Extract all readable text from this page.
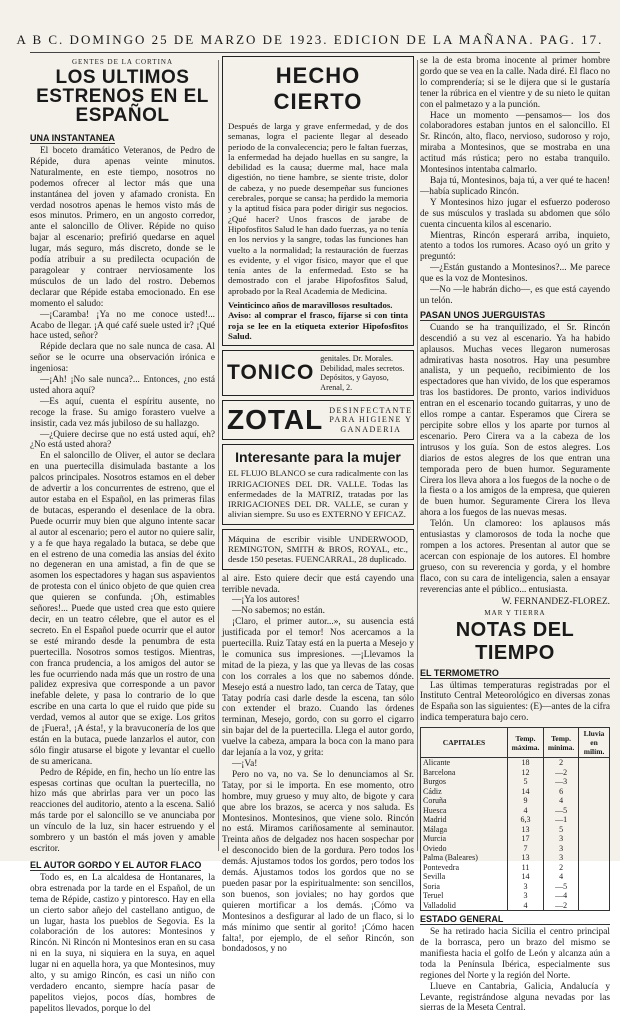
A B C. DOMINGO 25 DE MARZO DE 1923. EDICION DE LA MAÑANA. PAG. 17.
GENTES DE LA CORTINA
LOS ULTIMOS ESTRENOS EN EL ESPAÑOL
UNA INSTANTANEA

El boceto dramático Veteranos, de Pedro de Répide, dura apenas veinte minutos. Naturalmente, en este tiempo, nosotros no podemos ofrecer al lector más que una instantánea del joven y afamado cronista. En verdad nosotros apenas le hemos visto más de esos minutos. Primero, en un angosto corredor, ante el saloncillo de Oliver. Répide no quiso bajar al escenario; prefirió quedarse en aquel lugar, más seguro, más discreto, donde se le podía atribuir a su predilecta ocupación de paragolear y contraer nerviosamente los músculos de un lado del rostro. Debemos declarar que Répide estaba emocionado. En ese momento el saludo:

—¡Caramba! ¡Ya no me conoce usted!... Acabo de llegar. ¡A qué café suele usted ir? ¡Qué hace usted, señor?

Répide declara que no sale nunca de casa. Al señor se le ocurre una observación irónica e ingeniosa:

—¡Ah! ¡No sale nunca?... Entonces, ¿no está usted ahora aquí?

—Es aquí, cuenta el espíritu ausente, no recoge la frase. Su amigo forastero vuelve a insistir, cada vez más jubiloso de su hallazgo.

—¿Quiere decirse que no está usted aquí, eh? ¿No está usted ahora?

En el saloncillo de Oliver, el autor se declara en una puertecilla disimulada bastante a los palcos principales. Nosotros estamos en el deber de advertir a los concurrentes de estreno, que el autor estaba en el Español, en las primeras filas de butacas, esperando el desenlace de la obra. Puede ocurrir muy bien que alguno intente sacar al autor al escenario; pero el autor no quiere salir, y a fe que haya regalado la butaca, se debe que en el estreno de una comedia las ansias del éxito no degeneran en una amistad, a fin de que se asomen los espectadores y hagan sus aspavientos de protesta con el único objeto de que quien crea que quieren se confunda. ¡Oh, estimables señores!... Puede que usted crea que esto quiere decir, en un teatro célebre, que el autor es el secreto. En el Español puede ocurrir que el autor se esté mirando desde la penumbra de esta puertecilla. Nosotros somos testigos. Mientras, con franca prudencia, a los amigos del autor se les fue ocurriendo nada más que un rostro de una palidez expresiva que corresponde a un pavor inefable delete, y pasa lo contrario de lo que escribe en una carta lo que el ruido que pide su verdad, vemos al autor que se exige. Los gritos de ¡Fuera!, ¡A ésta!, y la bravuconería de los que están en la butaca, puede lanzarlos el autor, con sólo fingir atusarse el bigote y levantar el cuello de su americana.

Pedro de Répide, en fin, hecho un lío entre las espesas cortinas que ocultan la puertecilla, no hizo más que abrirlas para ver un poco las reacciones del auditorio, atento a la escena. Salió más tarde por el saloncillo se ve anunciaba por un vínculo de la luz, sin hacer estruendo y el sombrero y un bastón el más joven y amable escritor.

EL AUTOR GORDO Y EL AUTOR FLACO

Todo es, en La alcaldesa de Hontanares, la obra estrenada por la tarde en el Español, de un tema de Répide, castizo y pintoresco. Hay en ella un cierto sabor añejo del castellano antiguo, de un lugar, hasta los pueblos de Segovia. Es la colaboración de los autores: Montesinos y Rincón. Ni Rincón ni Montesinos eran en su casa ni en la suya, ni siquiera en la suya, en aquel lugar ni en aquella hora, ya que Montesinos, muy alto, y su amigo Rincón, es casi un niño con verdadero encanto, siempre hacía pasar de papelitos viejos, pocos días, hombres de papelitos llevados, porque lo del

HECHO CIERTO

Después de larga y grave enfermedad, y de dos semanas, logra el paciente llegar al deseado periodo de la convalecencia; pero le faltan fuerzas, la enfermedad ha dejado huellas en su sangre, la debilidad es la causa; duerme mal, hace mala digestión, no tiene hambre, se siente triste, dolor de cabeza, y no puede desempeñar sus funciones cerebrales, porque se cansa; ha perdido la memoria y la aptitud física para poder dirigir sus negocios. ¿Qué hacer? Unos frascos de jarabe de Hipofosfitos Salud le han dado fuerzas, ya no tenía en los nervios y la sangre, todas las funciones han vuelto a la normalidad; la restauración de fuerzas es evidente, y el vigor físico, mayor que el que tenía antes de la enfermedad. Esto se ha demostrado con el jarabe Hipofosfitos Salud, aprobado por la Real Academia de Medicina.

Veinticinco años de maravillosos resultados.

Aviso: al comprar el frasco, fíjarse si con tinta roja se lee en la etiqueta exterior Hipofosfitos Salud.

TONICO
genitales. Dr. Morales. Debilidad, males secretos. Depósitos, y Gayoso, Arenal, 2.
ZOTAL DESINFECTANTE PARA HIGIENE Y GANADERIA
Interesante para la mujer

EL FLUJO BLANCO se cura radicalmente con las IRRIGACIONES DEL DR. VALLE. Todas las enfermedades de la MATRIZ, tratadas por las IRRIGACIONES DEL DR. VALLE, se curan y alivian siempre. Su uso es EXTERNO Y EFICAZ.

Máquina de escribir visible UNDERWOOD, REMINGTON, SMITH & BROS, ROYAL, etc., desde 150 pesetas. FUENCARRAL, 28 duplicado.

al aire. Esto quiere decir que está cayendo una terrible nevada.

—¡Ya los autores!

—No sabemos; no están.

¡Claro, el primer autor...», su ausencia está justificada por el temor! Nos acercamos a la puertecilla. Ruiz Tatay está en la puerta a Mesejo y le comunica sus impresiones. —¡Llevamos la mitad de la pieza, y las que ya llevas de las cosas con los corrales a los que no sabemos dónde. Mesejo está a nuestro lado, tan cerca de Tatay, que Tatay podría casi darle desde la escena, tan sólo con extender el brazo. Cuando las órdenes terminan, Mesejo, gordo, con su gorro el cigarro sin bajar del de la puertecilla. Llega el autor gordo, vuelve la cabeza, ampara la boca con la mano para dar lejanía a la voz, y grita:

—¡Va!

Pero no va, no va. Se lo denunciamos al Sr. Tatay, por si le importa. En ese momento, otro hombre, muy grueso y muy alto, de bigote y cara que abre los brazos, se acerca y nos saluda. Es Montesinos. Montesinos, que viene solo. Rincón no está. Miramos cariñosamente al seminautor. Treinta años de delgadez nos hacen sospechar por el desconocido bien de la gordura. Pero todos los demás. Ajustamos todos los gordos, pero todos los demás. Ajustamos todos los gordos que no se pueden pasar por la espiritualmente: son sencillos, son buenos, son joviales; no hay gordos que quieren mortificar a los demás. ¡Cómo va Montesinos a desfigurar al lado de un flaco, si lo más mínimo que sentir al gorito! ¡Cómo hacen falta!, por ejemplo, de el señor Rincón, son bondadosos, y no

se la de esta broma inocente al primer hombre gordo que se vea en la calle. Nada diré. El flaco no lo comprendería; si se le dijera que si le gustaría tener la rúbrica en el vientre y de su nieto le quitan con el palmetazo y a la punción.

Hace un momento —pensamos— los dos colaboradores estaban juntos en el saloncillo. El Sr. Rincón, alto, flaco, nervioso, sudoroso y rojo, miraba a Montesinos, que se mostraba en una actitud más rústica; pero no estaba tranquilo. Montesinos intentaba calmarlo.

Baja tú, Montesinos, baja tú, a ver qué te hacen!—había suplicado Rincón.

Y Montesinos hizo jugar el esfuerzo poderoso de sus músculos y traslada su abdomen que sólo cuenta cincuenta kilos al escenario.

Mientras, Rincón esperará arriba, inquieto, atento a todos los rumores. Acaso oyó un grito y preguntó:

—¿Están gustando a Montesinos?... Me parece que es la voz de Montesinos.

—No —le habrán dicho—, es que está cayendo un telón.

PASAN UNOS JUERGUISTAS

Cuando se ha tranquilizado, el Sr. Rincón descendió a su vez al escenario. Ya ha habido aplausos. Muchas veces llegaron numerosas admirativas hasta nosotros. Hay una pesumbre analista, y un pequeño, recibimiento de los espectadores que han vivido, de los que esperamos tras los bastidores. De pronto, varios individuos entran en el escenario tocando guitarras, y uno de ellos rompe a cantar. Esperamos que Cirera se percipite sobre ellos y los aparte por turnos al escenario. Pero Cirera va a la cabeza de los intrusos y los guía. Son de estos alegres. Los diarios de estos alegres de los que entran una temporada pero de buen humor. Seguramente Cirera los lleva ahora a los fuegos de la noche o de la fiesta o a los amigos de la empresa, que quieren de buen humor. Seguramente Cirera los lleva ahora a los fuegos de las nuevas mesas.

Telón. Un clamoreo: los aplausos más entusiastas y clamorosos de toda la noche que rompen a los actores. Presentan al autor que se acercan con espionaje de los autores. El hombre grueso, con su reverencia y gorda, y el hombre flaco, con su cara de inteligencia, salen a ensayar reverencias ante el público... entusiasta.

W. FERNANDEZ-FLOREZ.
MAR Y TIERRA
NOTAS DEL TIEMPO
EL TERMOMETRO

Las últimas temperaturas registradas por el Instituto Central Meteorológico en diversas zonas de España son las siguientes: (E)—antes de la cifra indica temperatura bajo cero.

CAPITALES	Temp. máxima.	Temp. mínima.	Lluvia en milím.
Alicante	18	2	
Barcelona	12	—2	
Burgos	5	—3	
Cádiz	14	6	
Coruña	9	4	
Huesca	4	—5	
Madrid	6,3	—1	
Málaga	13	5	
Murcia	17	3	
Oviedo	7	3	
Palma (Baleares)	13	3	
Pontevedra	11	2	
Sevilla	14	4	
Soria	3	—5	
Teruel	3	—4	
Valladolid	4	—2	
ESTADO GENERAL

Se ha retirado hacia Sicilia el centro principal de la borrasca, pero un brazo del mismo se manifiesta hacia el golfo de León y alcanza aún a toda la Península Ibérica, especialmente sus regiones del Norte y la región del Norte.

Llueve en Cantabria, Galicia, Andalucía y Levante, registrándose alguna nevadas por las sierras de la Meseta Central.
